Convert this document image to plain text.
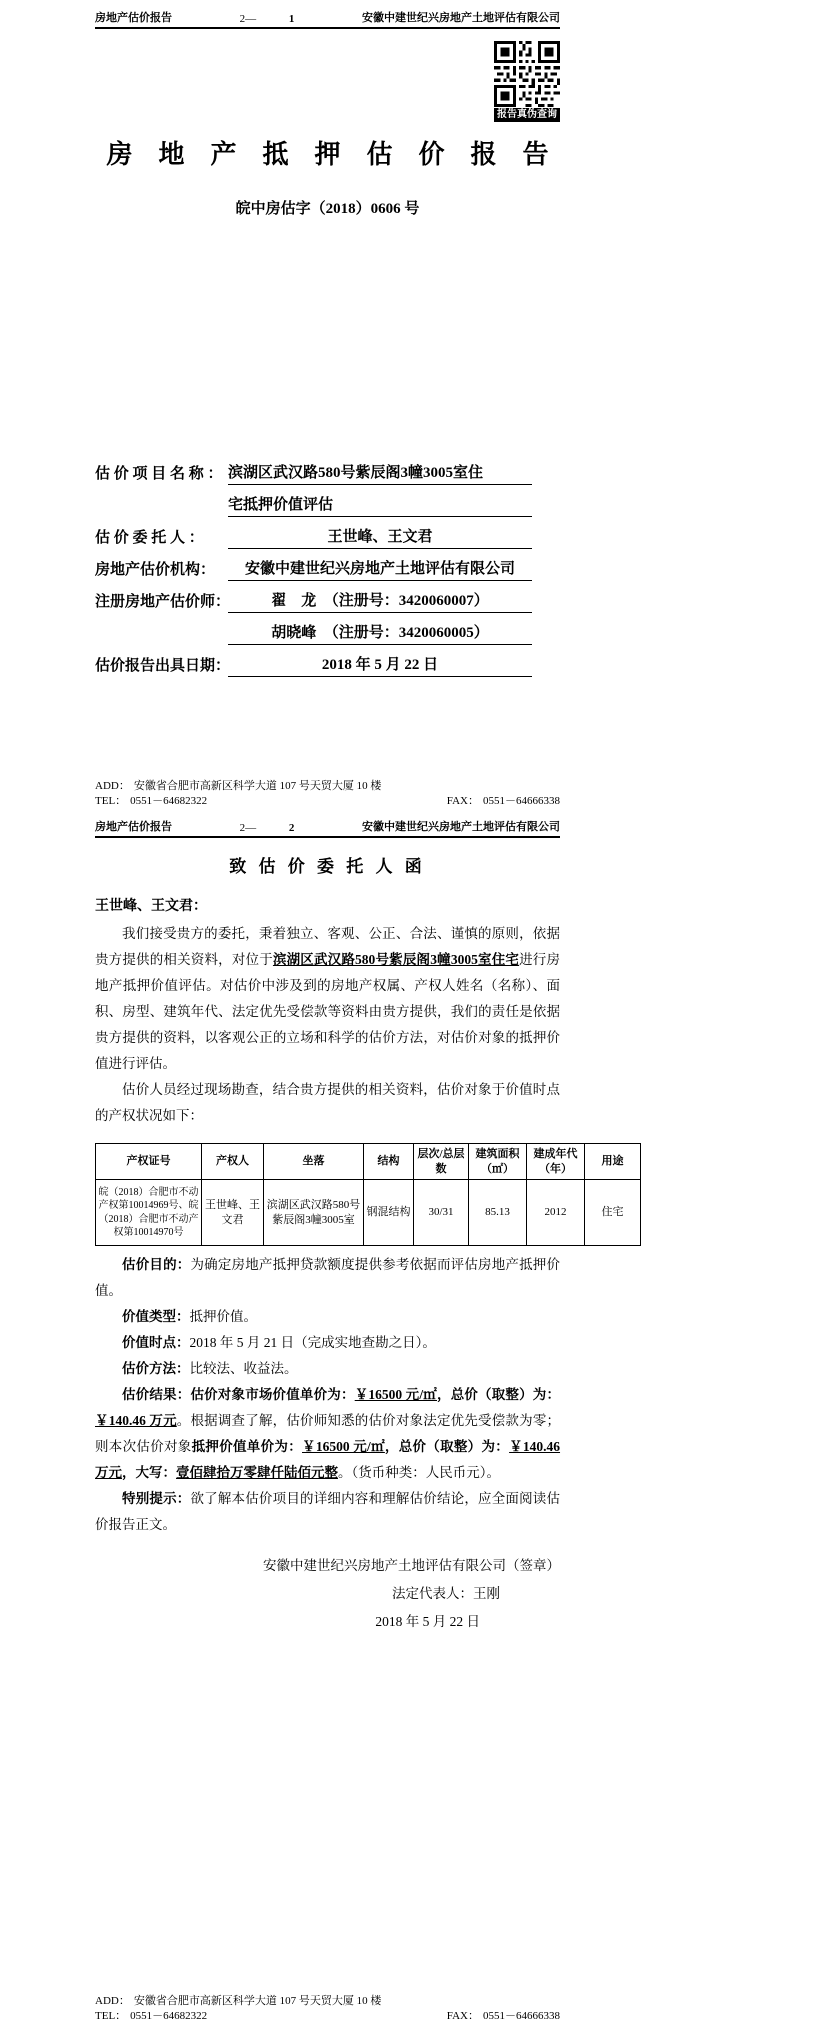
房地产估价报告	2—	1	安徽中建世纪兴房地产土地评估有限公司
报告真伪查询
房　地　产　抵　押　估　价　报　告
皖中房估字（2018）0606 号
估 价 项 目 名 称 ： 滨湖区武汉路580号紫辰阁3幢3005室住
宅抵押价值评估
估 价 委 托 人 ：	王世峰、王文君
房地产估价机构：	安徽中建世纪兴房地产土地评估有限公司
注册房地产估价师：	翟　龙　（注册号：3420060007）
胡晓峰　（注册号：3420060005）
估价报告出具日期：	2018 年 5 月 22 日
ADD： 安徽省合肥市高新区科学大道 107 号天贸大厦 10 楼
TEL： 0551－64682322	FAX： 0551－64666338
房地产估价报告	2—	2	安徽中建世纪兴房地产土地评估有限公司
致 估 价 委 托 人 函
王世峰、王文君：

我们接受贵方的委托，秉着独立、客观、公正、合法、谨慎的原则，依据贵方提供的相关资料，对位于滨湖区武汉路580号紫辰阁3幢3005室住宅进行房地产抵押价值评估。对估价中涉及到的房地产权属、产权人姓名（名称）、面积、房型、建筑年代、法定优先受偿款等资料由贵方提供，我们的责任是依据贵方提供的资料，以客观公正的立场和科学的估价方法，对估价对象的抵押价值进行评估。

估价人员经过现场勘查，结合贵方提供的相关资料，估价对象于价值时点的产权状况如下：

产权证号	产权人	坐落	结构	层次/总层数	建筑面积（㎡）	建成年代（年）	用途
皖（2018）合肥市不动产权第10014969号、皖（2018）合肥市不动产权第10014970号	王世峰、王文君	滨湖区武汉路580号紫辰阁3幢3005室	钢混结构	30/31	85.13	2012	住宅

估价目的：为确定房地产抵押贷款额度提供参考依据而评估房地产抵押价值。

价值类型：抵押价值。

价值时点：2018 年 5 月 21 日（完成实地查勘之日）。

估价方法：比较法、收益法。

估价结果：估价对象市场价值单价为：￥16500 元/㎡，总价（取整）为：￥140.46 万元。根据调查了解，估价师知悉的估价对象法定优先受偿款为零；则本次估价对象抵押价值单价为：￥16500 元/㎡，总价（取整）为：￥140.46 万元，大写：壹佰肆拾万零肆仟陆佰元整。（货币种类：人民币元）。

特别提示：欲了解本估价项目的详细内容和理解估价结论，应全面阅读估价报告正文。

安徽中建世纪兴房地产土地评估有限公司（签章）
法定代表人：王刚
2018 年 5 月 22 日
ADD： 安徽省合肥市高新区科学大道 107 号天贸大厦 10 楼
TEL： 0551－64682322	FAX： 0551－64666338
